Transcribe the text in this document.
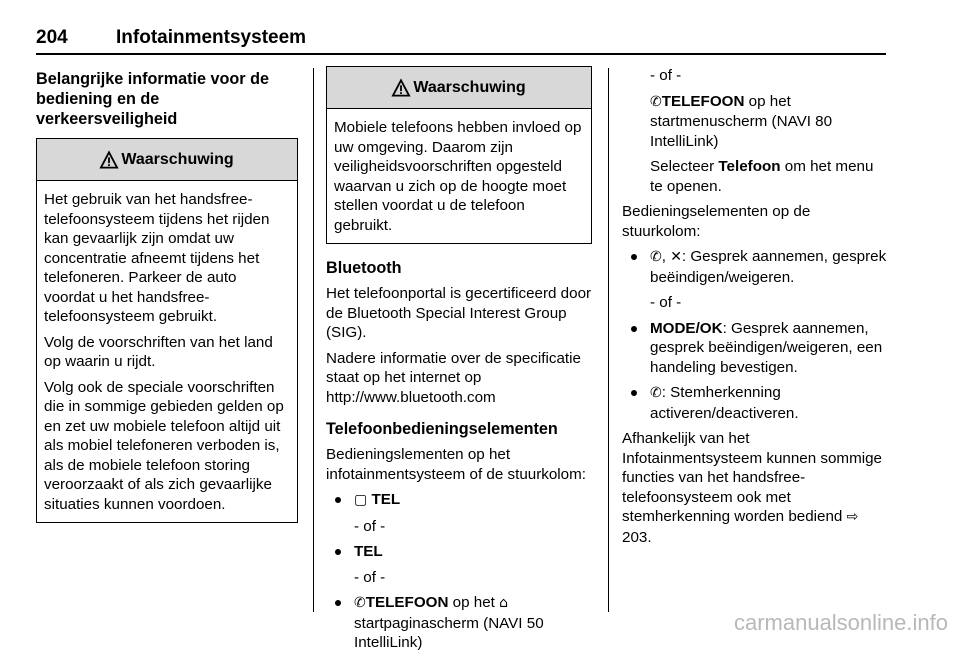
204	Infotainmentsysteem
Belangrijke informatie voor de
bediening en de
verkeersveiligheid
Waarschuwing

Het gebruik van het handsfree-telefoonsysteem tijdens het rijden kan gevaarlijk zijn omdat uw concentratie afneemt tijdens het telefoneren. Parkeer de auto voordat u het handsfree-telefoonsysteem gebruikt.

Volg de voorschriften van het land op waarin u rijdt.

Volg ook de speciale voorschriften die in sommige gebieden gelden op en zet uw mobiele telefoon altijd uit als mobiel telefoneren verboden is, als de mobiele telefoon storing veroorzaakt of als zich gevaarlijke situaties kunnen voordoen.

Waarschuwing

Mobiele telefoons hebben invloed op uw omgeving. Daarom zijn veiligheidsvoorschriften opgesteld waarvan u zich op de hoogte moet stellen voordat u de telefoon gebruikt.

Bluetooth

Het telefoonportal is gecertificeerd door de Bluetooth Special Interest Group (SIG).

Nadere informatie over de specificatie staat op het internet op http://www.bluetooth.com

Telefoonbedieningselementen

Bedieningslementen op het infotainmentsysteem of de stuurkolom:

▢ TEL
- of -
TEL
- of -
✆TELEFOON op het ⌂ startpaginascherm (NAVI 50 IntelliLink)
- of -
✆TELEFOON op het startmenuscherm (NAVI 80 IntelliLink)
Selecteer Telefoon om het menu te openen.

Bedieningselementen op de stuurkolom:

✆, ✕: Gesprek aannemen, gesprek beëindigen/weigeren.
- of -
MODE/OK: Gesprek aannemen, gesprek beëindigen/weigeren, een handeling bevestigen.
✆: Stemherkenning activeren/deactiveren.

Afhankelijk van het Infotainmentsysteem kunnen sommige functies van het handsfree-telefoonsysteem ook met stemherkenning worden bediend ⇨ 203.

carmanualsonline.info
